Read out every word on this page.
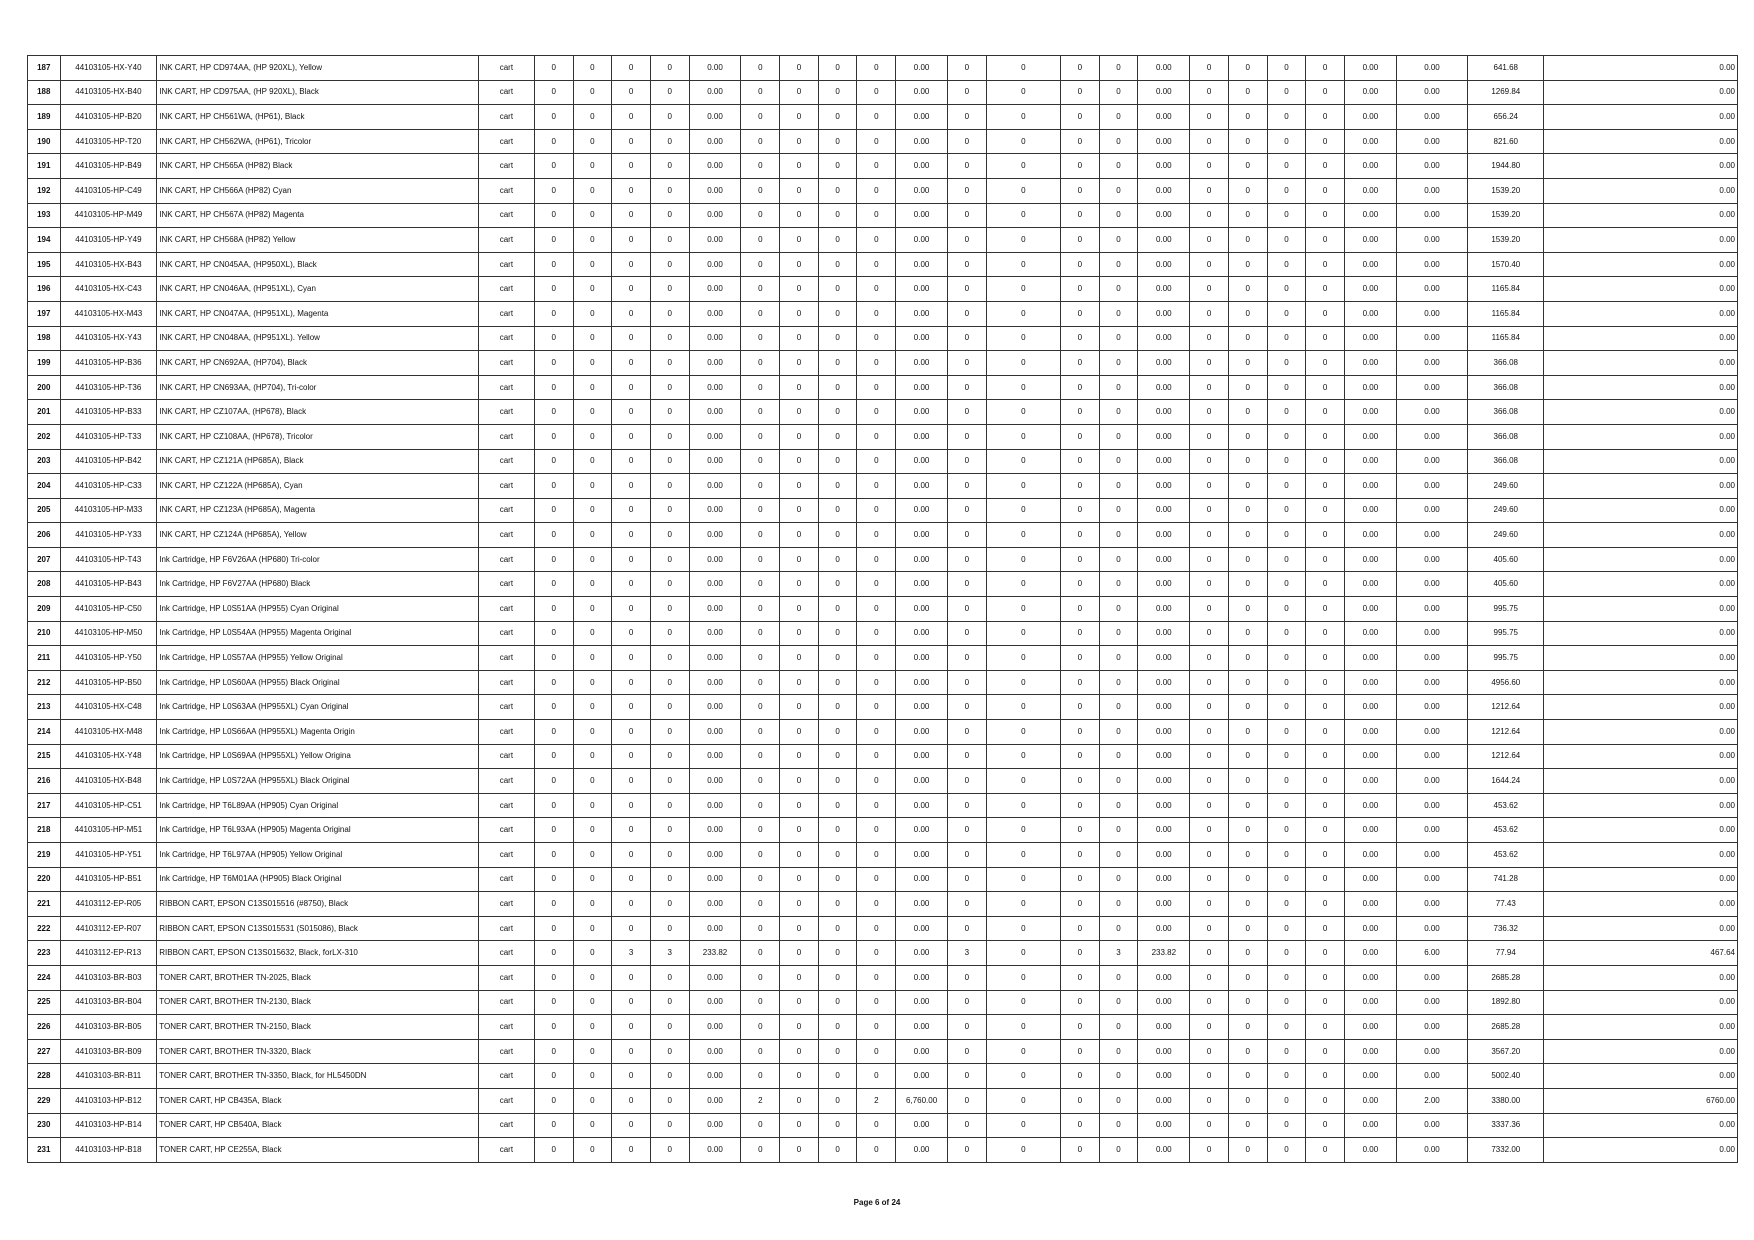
187	44103105-HX-Y40	INK CART, HP CD974AA, (HP 920XL), Yellow	cart	0	0	0	0	0.00	0	0	0	0	0.00	0	0	0	0	0.00	0	0	0	0	0.00	0.00	641.68	0.00
188	44103105-HX-B40	INK CART, HP CD975AA, (HP 920XL), Black	cart	0	0	0	0	0.00	0	0	0	0	0.00	0	0	0	0	0.00	0	0	0	0	0.00	0.00	1269.84	0.00
189	44103105-HP-B20	INK CART, HP CH561WA, (HP61), Black	cart	0	0	0	0	0.00	0	0	0	0	0.00	0	0	0	0	0.00	0	0	0	0	0.00	0.00	656.24	0.00
190	44103105-HP-T20	INK CART, HP CH562WA, (HP61), Tricolor	cart	0	0	0	0	0.00	0	0	0	0	0.00	0	0	0	0	0.00	0	0	0	0	0.00	0.00	821.60	0.00
191	44103105-HP-B49	INK CART, HP CH565A (HP82) Black	cart	0	0	0	0	0.00	0	0	0	0	0.00	0	0	0	0	0.00	0	0	0	0	0.00	0.00	1944.80	0.00
192	44103105-HP-C49	INK CART, HP CH566A (HP82) Cyan	cart	0	0	0	0	0.00	0	0	0	0	0.00	0	0	0	0	0.00	0	0	0	0	0.00	0.00	1539.20	0.00
193	44103105-HP-M49	INK CART, HP CH567A (HP82) Magenta	cart	0	0	0	0	0.00	0	0	0	0	0.00	0	0	0	0	0.00	0	0	0	0	0.00	0.00	1539.20	0.00
194	44103105-HP-Y49	INK CART, HP CH568A (HP82) Yellow	cart	0	0	0	0	0.00	0	0	0	0	0.00	0	0	0	0	0.00	0	0	0	0	0.00	0.00	1539.20	0.00
195	44103105-HX-B43	INK CART, HP CN045AA, (HP950XL), Black	cart	0	0	0	0	0.00	0	0	0	0	0.00	0	0	0	0	0.00	0	0	0	0	0.00	0.00	1570.40	0.00
196	44103105-HX-C43	INK CART, HP CN046AA, (HP951XL), Cyan	cart	0	0	0	0	0.00	0	0	0	0	0.00	0	0	0	0	0.00	0	0	0	0	0.00	0.00	1165.84	0.00
197	44103105-HX-M43	INK CART, HP CN047AA, (HP951XL), Magenta	cart	0	0	0	0	0.00	0	0	0	0	0.00	0	0	0	0	0.00	0	0	0	0	0.00	0.00	1165.84	0.00
198	44103105-HX-Y43	INK CART, HP CN048AA, (HP951XL). Yellow	cart	0	0	0	0	0.00	0	0	0	0	0.00	0	0	0	0	0.00	0	0	0	0	0.00	0.00	1165.84	0.00
199	44103105-HP-B36	INK CART, HP CN692AA, (HP704), Black	cart	0	0	0	0	0.00	0	0	0	0	0.00	0	0	0	0	0.00	0	0	0	0	0.00	0.00	366.08	0.00
200	44103105-HP-T36	INK CART, HP CN693AA, (HP704), Tri-color	cart	0	0	0	0	0.00	0	0	0	0	0.00	0	0	0	0	0.00	0	0	0	0	0.00	0.00	366.08	0.00
201	44103105-HP-B33	INK CART, HP CZ107AA, (HP678), Black	cart	0	0	0	0	0.00	0	0	0	0	0.00	0	0	0	0	0.00	0	0	0	0	0.00	0.00	366.08	0.00
202	44103105-HP-T33	INK CART, HP CZ108AA, (HP678), Tricolor	cart	0	0	0	0	0.00	0	0	0	0	0.00	0	0	0	0	0.00	0	0	0	0	0.00	0.00	366.08	0.00
203	44103105-HP-B42	INK CART, HP CZ121A (HP685A), Black	cart	0	0	0	0	0.00	0	0	0	0	0.00	0	0	0	0	0.00	0	0	0	0	0.00	0.00	366.08	0.00
204	44103105-HP-C33	INK CART, HP CZ122A (HP685A), Cyan	cart	0	0	0	0	0.00	0	0	0	0	0.00	0	0	0	0	0.00	0	0	0	0	0.00	0.00	249.60	0.00
205	44103105-HP-M33	INK CART, HP CZ123A (HP685A), Magenta	cart	0	0	0	0	0.00	0	0	0	0	0.00	0	0	0	0	0.00	0	0	0	0	0.00	0.00	249.60	0.00
206	44103105-HP-Y33	INK CART, HP CZ124A (HP685A), Yellow	cart	0	0	0	0	0.00	0	0	0	0	0.00	0	0	0	0	0.00	0	0	0	0	0.00	0.00	249.60	0.00
207	44103105-HP-T43	Ink Cartridge, HP F6V26AA (HP680) Tri-color	cart	0	0	0	0	0.00	0	0	0	0	0.00	0	0	0	0	0.00	0	0	0	0	0.00	0.00	405.60	0.00
208	44103105-HP-B43	Ink Cartridge, HP F6V27AA (HP680) Black	cart	0	0	0	0	0.00	0	0	0	0	0.00	0	0	0	0	0.00	0	0	0	0	0.00	0.00	405.60	0.00
209	44103105-HP-C50	Ink Cartridge, HP L0S51AA (HP955) Cyan Original	cart	0	0	0	0	0.00	0	0	0	0	0.00	0	0	0	0	0.00	0	0	0	0	0.00	0.00	995.75	0.00
210	44103105-HP-M50	Ink Cartridge, HP L0S54AA (HP955) Magenta Original	cart	0	0	0	0	0.00	0	0	0	0	0.00	0	0	0	0	0.00	0	0	0	0	0.00	0.00	995.75	0.00
211	44103105-HP-Y50	Ink Cartridge, HP L0S57AA (HP955) Yellow Original	cart	0	0	0	0	0.00	0	0	0	0	0.00	0	0	0	0	0.00	0	0	0	0	0.00	0.00	995.75	0.00
212	44103105-HP-B50	Ink Cartridge, HP L0S60AA (HP955) Black Original	cart	0	0	0	0	0.00	0	0	0	0	0.00	0	0	0	0	0.00	0	0	0	0	0.00	0.00	4956.60	0.00
213	44103105-HX-C48	Ink Cartridge, HP L0S63AA (HP955XL) Cyan Original	cart	0	0	0	0	0.00	0	0	0	0	0.00	0	0	0	0	0.00	0	0	0	0	0.00	0.00	1212.64	0.00
214	44103105-HX-M48	Ink Cartridge, HP L0S66AA (HP955XL) Magenta Origin	cart	0	0	0	0	0.00	0	0	0	0	0.00	0	0	0	0	0.00	0	0	0	0	0.00	0.00	1212.64	0.00
215	44103105-HX-Y48	Ink Cartridge, HP L0S69AA (HP955XL) Yellow Origina	cart	0	0	0	0	0.00	0	0	0	0	0.00	0	0	0	0	0.00	0	0	0	0	0.00	0.00	1212.64	0.00
216	44103105-HX-B48	Ink Cartridge, HP L0S72AA (HP955XL) Black Original	cart	0	0	0	0	0.00	0	0	0	0	0.00	0	0	0	0	0.00	0	0	0	0	0.00	0.00	1644.24	0.00
217	44103105-HP-C51	Ink Cartridge, HP T6L89AA (HP905) Cyan Original	cart	0	0	0	0	0.00	0	0	0	0	0.00	0	0	0	0	0.00	0	0	0	0	0.00	0.00	453.62	0.00
218	44103105-HP-M51	Ink Cartridge, HP T6L93AA (HP905) Magenta Original	cart	0	0	0	0	0.00	0	0	0	0	0.00	0	0	0	0	0.00	0	0	0	0	0.00	0.00	453.62	0.00
219	44103105-HP-Y51	Ink Cartridge, HP T6L97AA (HP905) Yellow Original	cart	0	0	0	0	0.00	0	0	0	0	0.00	0	0	0	0	0.00	0	0	0	0	0.00	0.00	453.62	0.00
220	44103105-HP-B51	Ink Cartridge, HP T6M01AA (HP905) Black Original	cart	0	0	0	0	0.00	0	0	0	0	0.00	0	0	0	0	0.00	0	0	0	0	0.00	0.00	741.28	0.00
221	44103112-EP-R05	RIBBON CART, EPSON C13S015516 (#8750), Black	cart	0	0	0	0	0.00	0	0	0	0	0.00	0	0	0	0	0.00	0	0	0	0	0.00	0.00	77.43	0.00
222	44103112-EP-R07	RIBBON CART, EPSON C13S015531 (S015086), Black	cart	0	0	0	0	0.00	0	0	0	0	0.00	0	0	0	0	0.00	0	0	0	0	0.00	0.00	736.32	0.00
223	44103112-EP-R13	RIBBON CART, EPSON C13S015632, Black, forLX-310	cart	0	0	3	3	233.82	0	0	0	0	0.00	3	0	0	3	233.82	0	0	0	0	0.00	6.00	77.94	467.64
224	44103103-BR-B03	TONER CART, BROTHER TN-2025, Black	cart	0	0	0	0	0.00	0	0	0	0	0.00	0	0	0	0	0.00	0	0	0	0	0.00	0.00	2685.28	0.00
225	44103103-BR-B04	TONER CART, BROTHER TN-2130, Black	cart	0	0	0	0	0.00	0	0	0	0	0.00	0	0	0	0	0.00	0	0	0	0	0.00	0.00	1892.80	0.00
226	44103103-BR-B05	TONER CART, BROTHER TN-2150, Black	cart	0	0	0	0	0.00	0	0	0	0	0.00	0	0	0	0	0.00	0	0	0	0	0.00	0.00	2685.28	0.00
227	44103103-BR-B09	TONER CART, BROTHER TN-3320, Black	cart	0	0	0	0	0.00	0	0	0	0	0.00	0	0	0	0	0.00	0	0	0	0	0.00	0.00	3567.20	0.00
228	44103103-BR-B11	TONER CART, BROTHER TN-3350, Black, for HL5450DN	cart	0	0	0	0	0.00	0	0	0	0	0.00	0	0	0	0	0.00	0	0	0	0	0.00	0.00	5002.40	0.00
229	44103103-HP-B12	TONER CART, HP CB435A, Black	cart	0	0	0	0	0.00	2	0	0	2	6,760.00	0	0	0	0	0.00	0	0	0	0	0.00	2.00	3380.00	6760.00
230	44103103-HP-B14	TONER CART, HP CB540A, Black	cart	0	0	0	0	0.00	0	0	0	0	0.00	0	0	0	0	0.00	0	0	0	0	0.00	0.00	3337.36	0.00
231	44103103-HP-B18	TONER CART, HP CE255A, Black	cart	0	0	0	0	0.00	0	0	0	0	0.00	0	0	0	0	0.00	0	0	0	0	0.00	0.00	7332.00	0.00
Page 6 of 24
